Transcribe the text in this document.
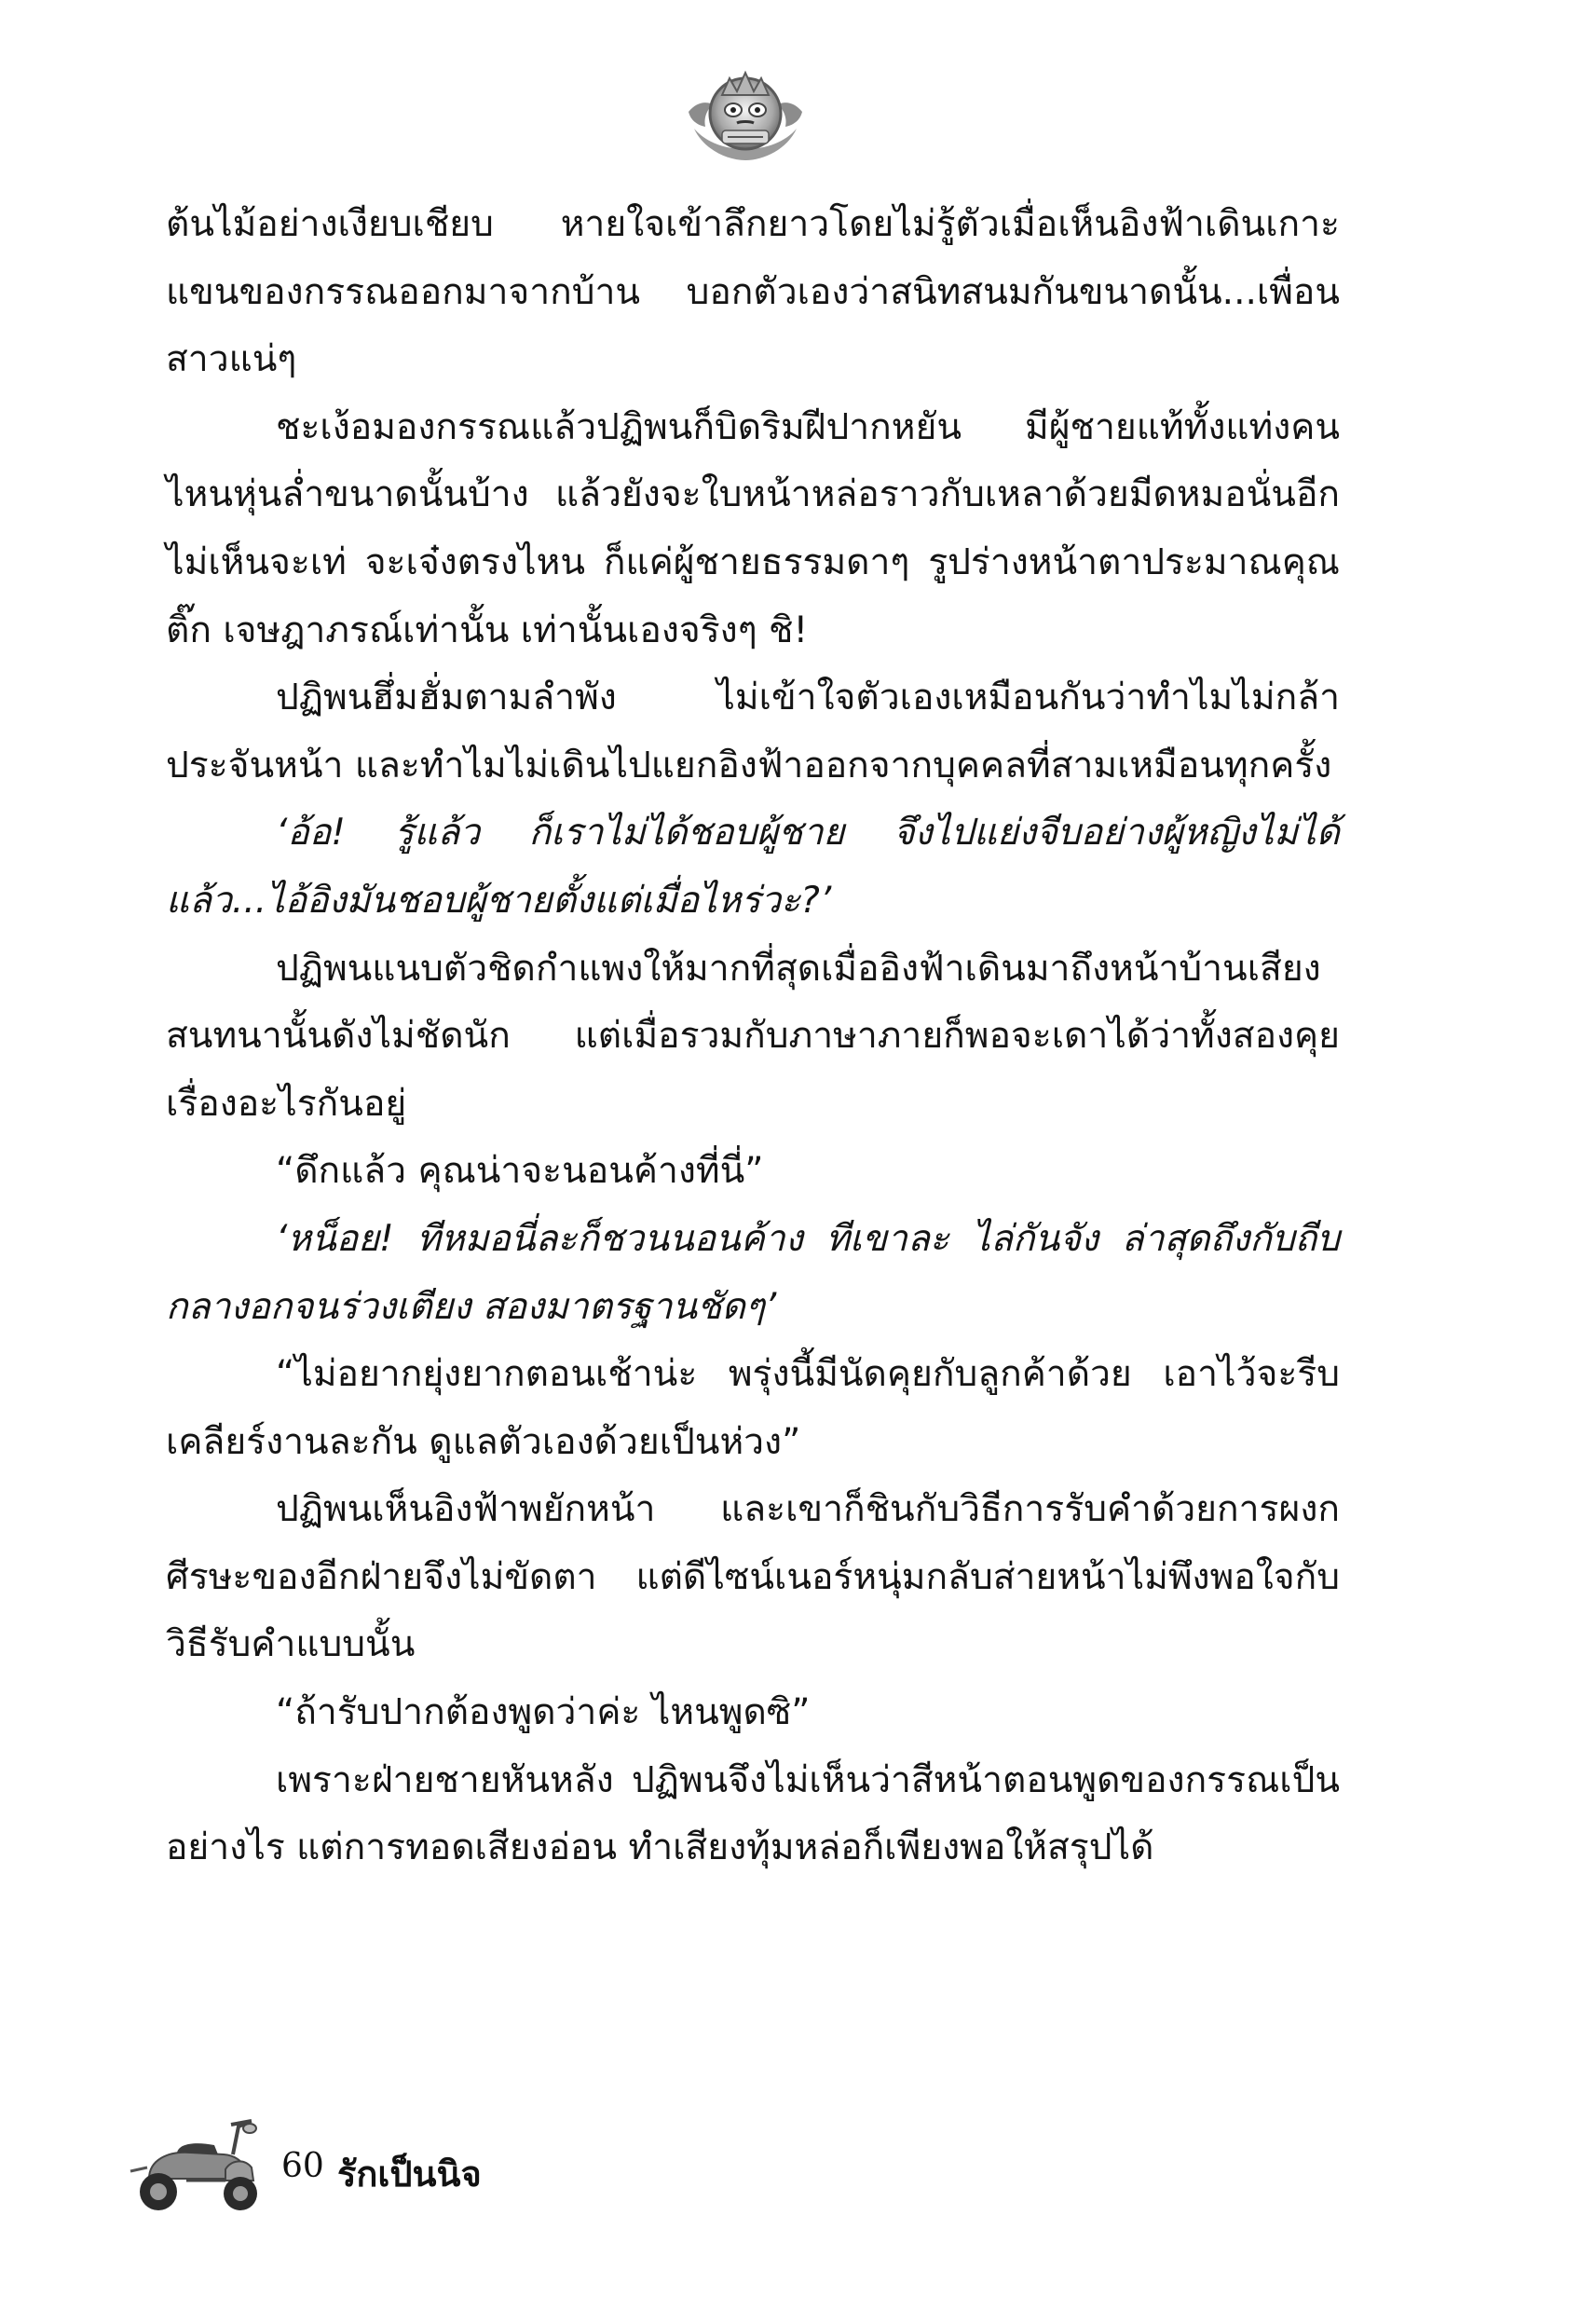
ต้นไม้อย่างเงียบเชียบ หายใจเข้าลึกยาวโดยไม่รู้ตัวเมื่อเห็นอิงฟ้าเดินเกาะแขนของกรรณออกมาจากบ้าน บอกตัวเองว่าสนิทสนมกันขนาดนั้น...เพื่อนสาวแน่ๆ

ชะเง้อมองกรรณแล้วปฏิพนก็บิดริมฝีปากหยัน มีผู้ชายแท้ทั้งแท่งคนไหนหุ่นล่ำขนาดนั้นบ้าง แล้วยังจะใบหน้าหล่อราวกับเหลาด้วยมีดหมอนั่นอีก ไม่เห็นจะเท่ จะเจ๋งตรงไหน ก็แค่ผู้ชายธรรมดาๆ รูปร่างหน้าตาประมาณคุณติ๊ก เจษฎาภรณ์เท่านั้น เท่านั้นเองจริงๆ ชิ!

ปฏิพนฮึ่มฮั่มตามลำพัง ไม่เข้าใจตัวเองเหมือนกันว่าทำไมไม่กล้าประจันหน้า และทำไมไม่เดินไปแยกอิงฟ้าออกจากบุคคลที่สามเหมือนทุกครั้ง

‘อ้อ! รู้แล้ว ก็เราไม่ได้ชอบผู้ชาย จึงไปแย่งจีบอย่างผู้หญิงไม่ได้แล้ว...ไอ้อิงมันชอบผู้ชายตั้งแต่เมื่อไหร่วะ?’

ปฏิพนแนบตัวชิดกำแพงให้มากที่สุดเมื่ออิงฟ้าเดินมาถึงหน้าบ้านเสียงสนทนานั้นดังไม่ชัดนัก แต่เมื่อรวมกับภาษาภายก็พอจะเดาได้ว่าทั้งสองคุยเรื่องอะไรกันอยู่

“ดึกแล้ว คุณน่าจะนอนค้างที่นี่”

‘หน็อย! ทีหมอนี่ละก็ชวนนอนค้าง ทีเขาละ ไล่กันจัง ล่าสุดถึงกับถีบกลางอกจนร่วงเตียง สองมาตรฐานชัดๆ’

“ไม่อยากยุ่งยากตอนเช้าน่ะ พรุ่งนี้มีนัดคุยกับลูกค้าด้วย เอาไว้จะรีบเคลียร์งานละกัน ดูแลตัวเองด้วยเป็นห่วง”

ปฏิพนเห็นอิงฟ้าพยักหน้า และเขาก็ชินกับวิธีการรับคำด้วยการผงกศีรษะของอีกฝ่ายจึงไม่ขัดตา แต่ดีไซน์เนอร์หนุ่มกลับส่ายหน้าไม่พึงพอใจกับวิธีรับคำแบบนั้น

“ถ้ารับปากต้องพูดว่าค่ะ ไหนพูดซิ”

เพราะฝ่ายชายหันหลัง ปฏิพนจึงไม่เห็นว่าสีหน้าตอนพูดของกรรณเป็นอย่างไร แต่การทอดเสียงอ่อน ทำเสียงทุ้มหล่อก็เพียงพอให้สรุปได้

60 รักเป็นนิจ
